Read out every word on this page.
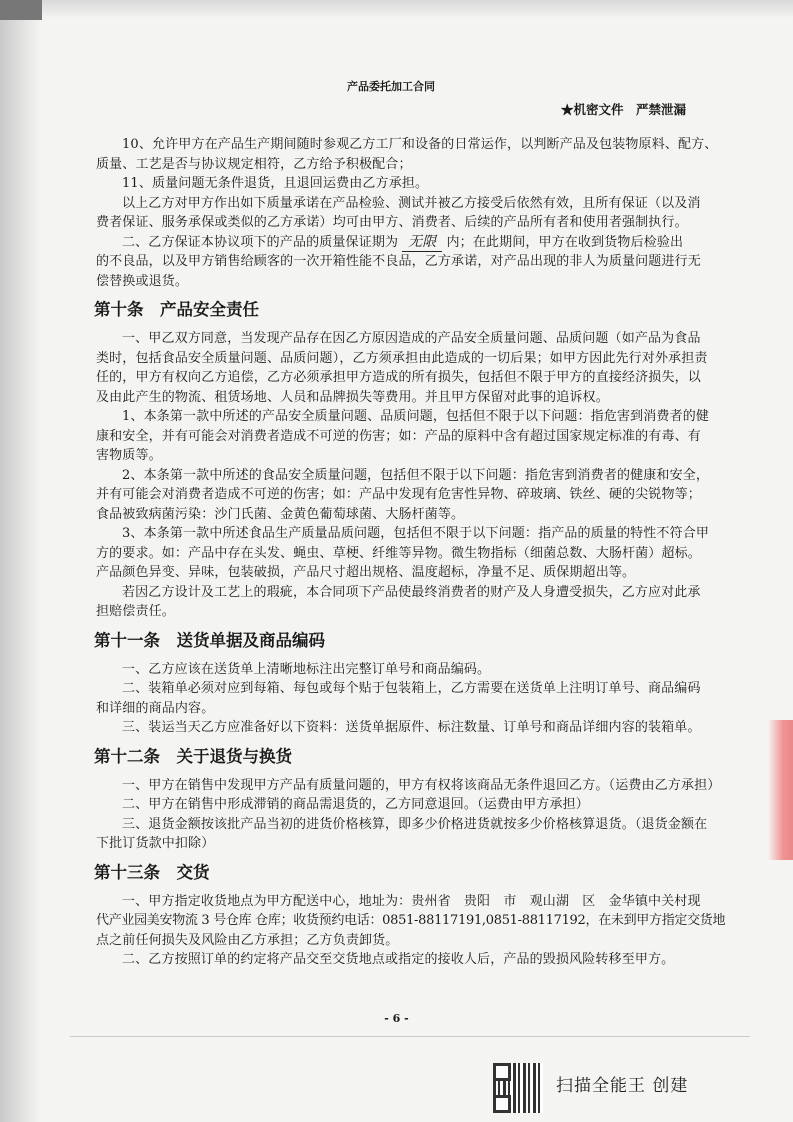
产品委托加工合同
★机密文件　严禁泄漏
10、允许甲方在产品生产期间随时参观乙方工厂和设备的日常运作，以判断产品及包装物原料、配方、
质量、工艺是否与协议规定相符，乙方给予积极配合；
11、质量问题无条件退货，且退回运费由乙方承担。
以上乙方对甲方作出如下质量承诺在产品检验、测试并被乙方接受后依然有效，且所有保证（以及消
费者保证、服务承保或类似的乙方承诺）均可由甲方、消费者、后续的产品所有者和使用者强制执行。
二、乙方保证本协议项下的产品的质量保证期为 无限 内；在此期间，甲方在收到货物后检验出
的不良品，以及甲方销售给顾客的一次开箱性能不良品，乙方承诺，对产品出现的非人为质量问题进行无
偿替换或退货。
第十条　产品安全责任
一、甲乙双方同意，当发现产品存在因乙方原因造成的产品安全质量问题、品质问题（如产品为食品
类时，包括食品安全质量问题、品质问题），乙方须承担由此造成的一切后果；如甲方因此先行对外承担责
任的，甲方有权向乙方追偿，乙方必须承担甲方造成的所有损失，包括但不限于甲方的直接经济损失，以
及由此产生的物流、租赁场地、人员和品牌损失等费用。并且甲方保留对此事的追诉权。
1、本条第一款中所述的产品安全质量问题、品质问题，包括但不限于以下问题：指危害到消费者的健
康和安全，并有可能会对消费者造成不可逆的伤害；如：产品的原料中含有超过国家规定标准的有毒、有
害物质等。
2、本条第一款中所述的食品安全质量问题，包括但不限于以下问题：指危害到消费者的健康和安全，
并有可能会对消费者造成不可逆的伤害；如：产品中发现有危害性异物、碎玻璃、铁丝、硬的尖锐物等；
食品被致病菌污染：沙门氏菌、金黄色葡萄球菌、大肠杆菌等。
3、本条第一款中所述食品生产质量品质问题，包括但不限于以下问题：指产品的质量的特性不符合甲
方的要求。如：产品中存在头发、蝇虫、草梗、纤维等异物。微生物指标（细菌总数、大肠杆菌）超标。
产品颜色异变、异味，包装破损，产品尺寸超出规格、温度超标，净量不足、质保期超出等。
若因乙方设计及工艺上的瑕疵，本合同项下产品使最终消费者的财产及人身遭受损失，乙方应对此承
担赔偿责任。
第十一条　送货单据及商品编码
一、乙方应该在送货单上清晰地标注出完整订单号和商品编码。
二、装箱单必须对应到每箱、每包或每个贴于包装箱上，乙方需要在送货单上注明订单号、商品编码
和详细的商品内容。
三、装运当天乙方应准备好以下资料：送货单据原件、标注数量、订单号和商品详细内容的装箱单。
第十二条　关于退货与换货
一、甲方在销售中发现甲方产品有质量问题的，甲方有权将该商品无条件退回乙方。（运费由乙方承担）
二、甲方在销售中形成滞销的商品需退货的，乙方同意退回。（运费由甲方承担）
三、退货金额按该批产品当初的进货价格核算，即多少价格进货就按多少价格核算退货。（退货金额在
下批订货款中扣除）
第十三条　交货
一、甲方指定收货地点为甲方配送中心，地址为：贵州省　贵阳　市　观山湖　区　金华镇中关村现
代产业园美安物流 3 号仓库 仓库；收货预约电话：0851-88117191,0851-88117192，在未到甲方指定交货地
点之前任何损失及风险由乙方承担；乙方负责卸货。
二、乙方按照订单的约定将产品交至交货地点或指定的接收人后，产品的毁损风险转移至甲方。
- 6 -
扫描全能王 创建
